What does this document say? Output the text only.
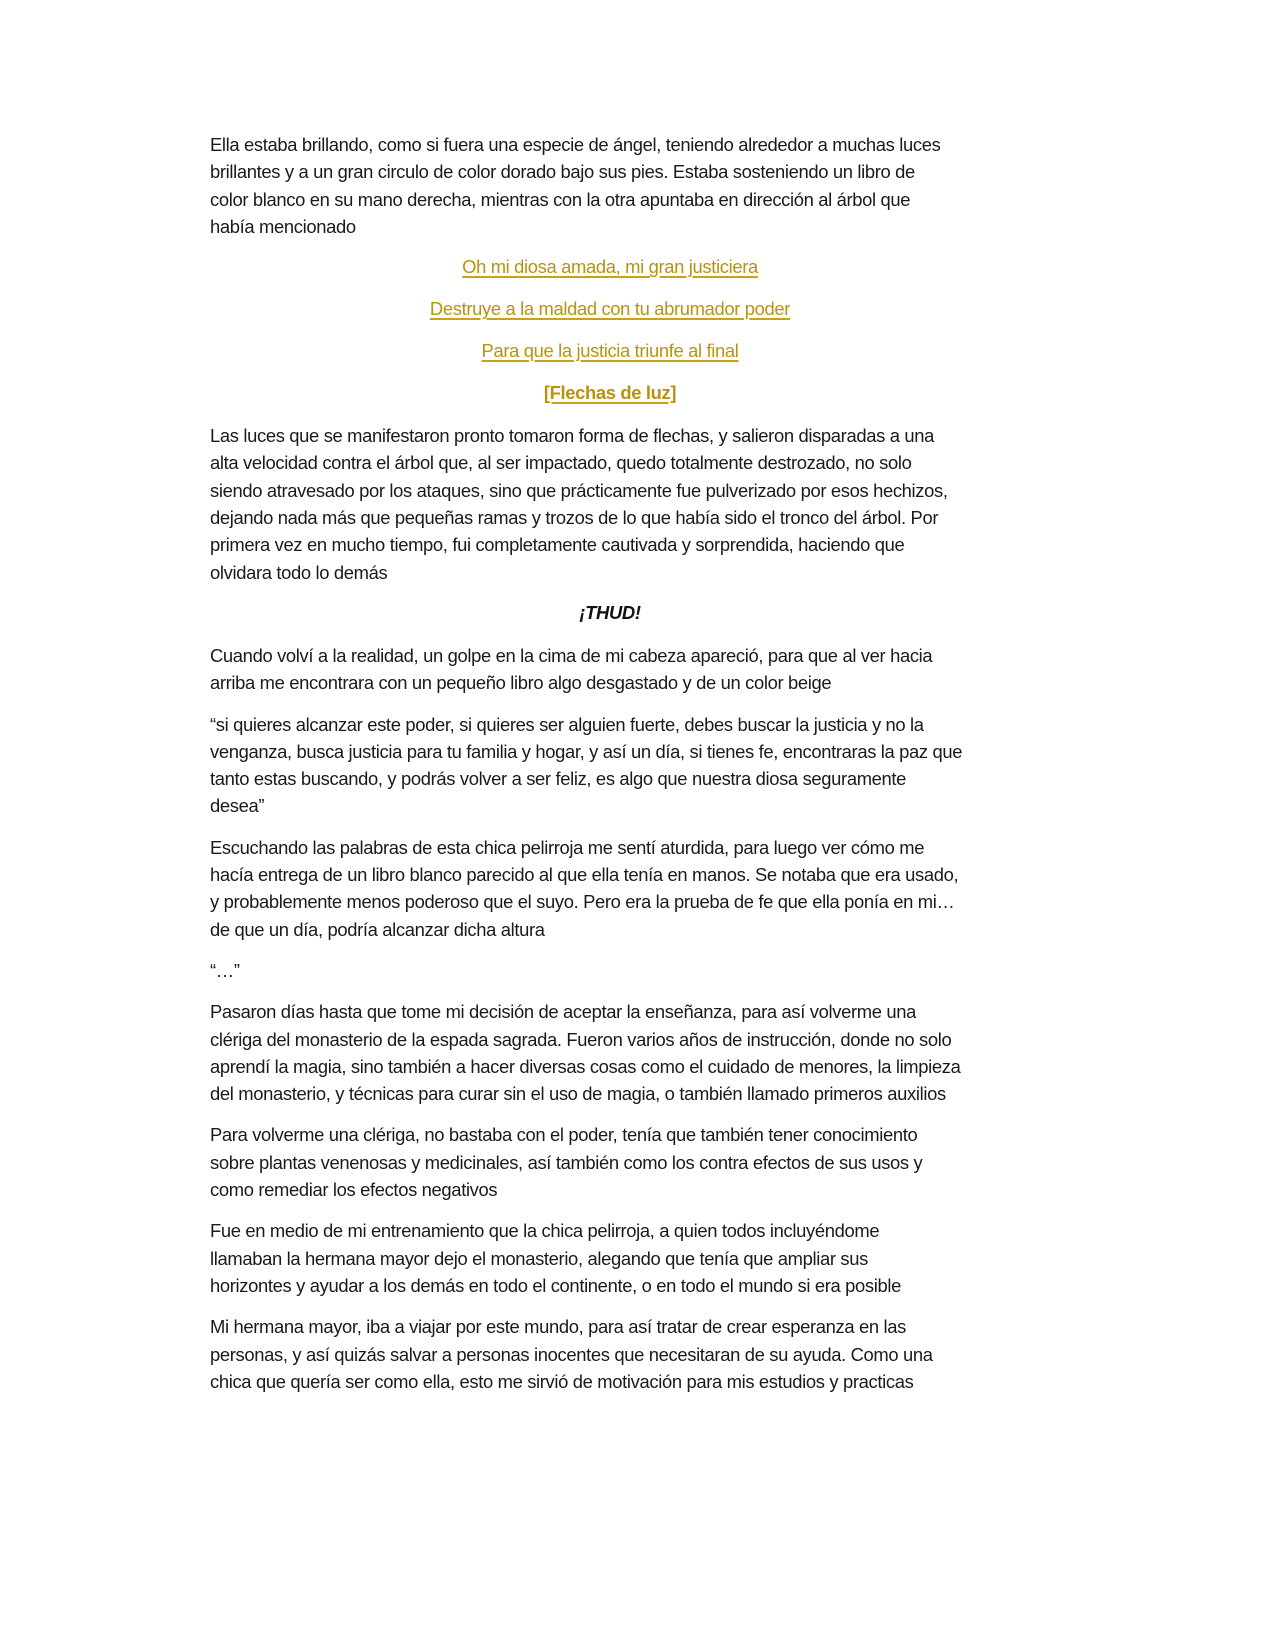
Ella estaba brillando, como si fuera una especie de ángel, teniendo alrededor a muchas luces
brillantes y a un gran circulo de color dorado bajo sus pies. Estaba sosteniendo un libro de
color blanco en su mano derecha, mientras con la otra apuntaba en dirección al árbol que
había mencionado

Oh mi diosa amada, mi gran justiciera

Destruye a la maldad con tu abrumador poder

Para que la justicia triunfe al final

[Flechas de luz]

Las luces que se manifestaron pronto tomaron forma de flechas, y salieron disparadas a una
alta velocidad contra el árbol que, al ser impactado, quedo totalmente destrozado, no solo
siendo atravesado por los ataques, sino que prácticamente fue pulverizado por esos hechizos,
dejando nada más que pequeñas ramas y trozos de lo que había sido el tronco del árbol. Por
primera vez en mucho tiempo, fui completamente cautivada y sorprendida, haciendo que
olvidara todo lo demás

¡THUD!

Cuando volví a la realidad, un golpe en la cima de mi cabeza apareció, para que al ver hacia
arriba me encontrara con un pequeño libro algo desgastado y de un color beige

“si quieres alcanzar este poder, si quieres ser alguien fuerte, debes buscar la justicia y no la
venganza, busca justicia para tu familia y hogar, y así un día, si tienes fe, encontraras la paz que
tanto estas buscando, y podrás volver a ser feliz, es algo que nuestra diosa seguramente
desea”

Escuchando las palabras de esta chica pelirroja me sentí aturdida, para luego ver cómo me
hacía entrega de un libro blanco parecido al que ella tenía en manos. Se notaba que era usado,
y probablemente menos poderoso que el suyo. Pero era la prueba de fe que ella ponía en mi…
de que un día, podría alcanzar dicha altura

“…”

Pasaron días hasta que tome mi decisión de aceptar la enseñanza, para así volverme una
clériga del monasterio de la espada sagrada. Fueron varios años de instrucción, donde no solo
aprendí la magia, sino también a hacer diversas cosas como el cuidado de menores, la limpieza
del monasterio, y técnicas para curar sin el uso de magia, o también llamado primeros auxilios

Para volverme una clériga, no bastaba con el poder, tenía que también tener conocimiento
sobre plantas venenosas y medicinales, así también como los contra efectos de sus usos y
como remediar los efectos negativos

Fue en medio de mi entrenamiento que la chica pelirroja, a quien todos incluyéndome
llamaban la hermana mayor dejo el monasterio, alegando que tenía que ampliar sus
horizontes y ayudar a los demás en todo el continente, o en todo el mundo si era posible

Mi hermana mayor, iba a viajar por este mundo, para así tratar de crear esperanza en las
personas, y así quizás salvar a personas inocentes que necesitaran de su ayuda. Como una
chica que quería ser como ella, esto me sirvió de motivación para mis estudios y practicas
